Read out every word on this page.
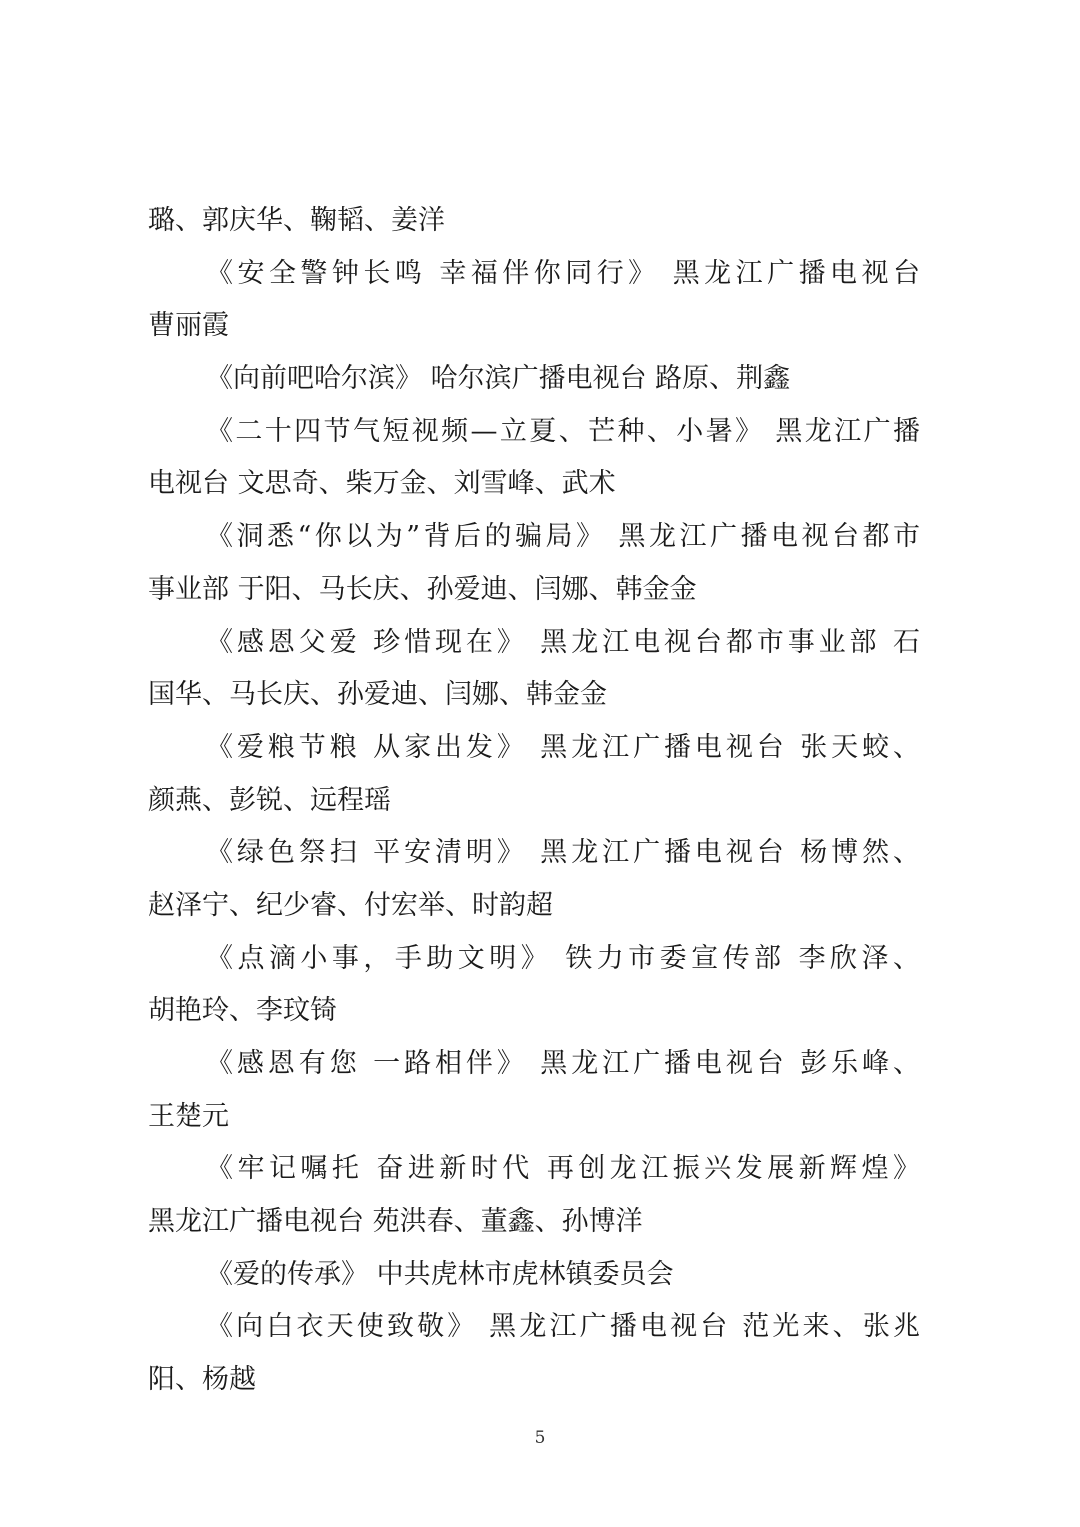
璐、郭庆华、鞠韬、姜洋
《安全警钟长鸣 幸福伴你同行》 黑龙江广播电视台
曹丽霞
《向前吧哈尔滨》 哈尔滨广播电视台 路原、荆鑫
《二十四节气短视频—立夏、芒种、小暑》 黑龙江广播
电视台 文思奇、柴万金、刘雪峰、武术
《洞悉“你以为”背后的骗局》 黑龙江广播电视台都市
事业部 于阳、马长庆、孙爱迪、闫娜、韩金金
《感恩父爱 珍惜现在》 黑龙江电视台都市事业部 石
国华、马长庆、孙爱迪、闫娜、韩金金
《爱粮节粮 从家出发》 黑龙江广播电视台 张天蛟、
颜燕、彭锐、远程瑶
《绿色祭扫 平安清明》 黑龙江广播电视台 杨博然、
赵泽宁、纪少睿、付宏举、时韵超
《点滴小事，手助文明》 铁力市委宣传部 李欣泽、
胡艳玲、李玟锜
《感恩有您 一路相伴》 黑龙江广播电视台 彭乐峰、
王楚元
《牢记嘱托 奋进新时代 再创龙江振兴发展新辉煌》
黑龙江广播电视台 苑洪春、董鑫、孙博洋
《爱的传承》 中共虎林市虎林镇委员会
《向白衣天使致敬》 黑龙江广播电视台 范光来、张兆
阳、杨越
5
